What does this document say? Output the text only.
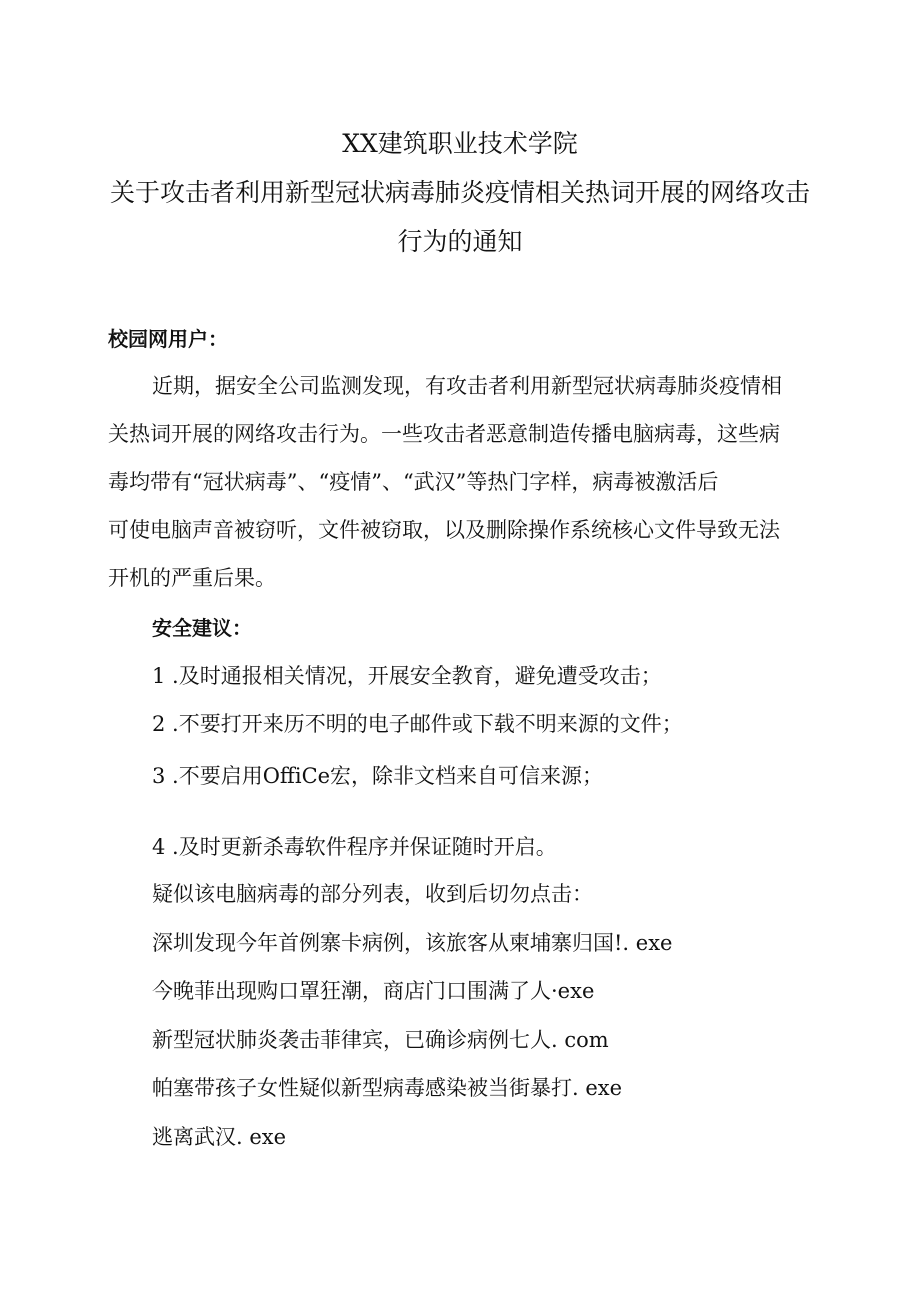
XX建筑职业技术学院
关于攻击者利用新型冠状病毒肺炎疫情相关热词开展的网络攻击
行为的通知
校园网用户：
近期，据安全公司监测发现，有攻击者利用新型冠状病毒肺炎疫情相
关热词开展的网络攻击行为。一些攻击者恶意制造传播电脑病毒，这些病
毒均带有“冠状病毒”、“疫情”、“武汉”等热门字样，病毒被激活后
可使电脑声音被窃听，文件被窃取，以及删除操作系统核心文件导致无法
开机的严重后果。
安全建议：
1 .及时通报相关情况，开展安全教育，避免遭受攻击；
2 .不要打开来历不明的电子邮件或下载不明来源的文件；
3 .不要启用OffiCe宏，除非文档来自可信来源；
4 .及时更新杀毒软件程序并保证随时开启。
疑似该电脑病毒的部分列表，收到后切勿点击：
深圳发现今年首例寨卡病例，该旅客从柬埔寨归国!. exe
今晚菲出现购口罩狂潮，商店门口围满了人·exe
新型冠状肺炎袭击菲律宾，已确诊病例七人. com
帕塞带孩子女性疑似新型病毒感染被当街暴打. exe
逃离武汉. exe
